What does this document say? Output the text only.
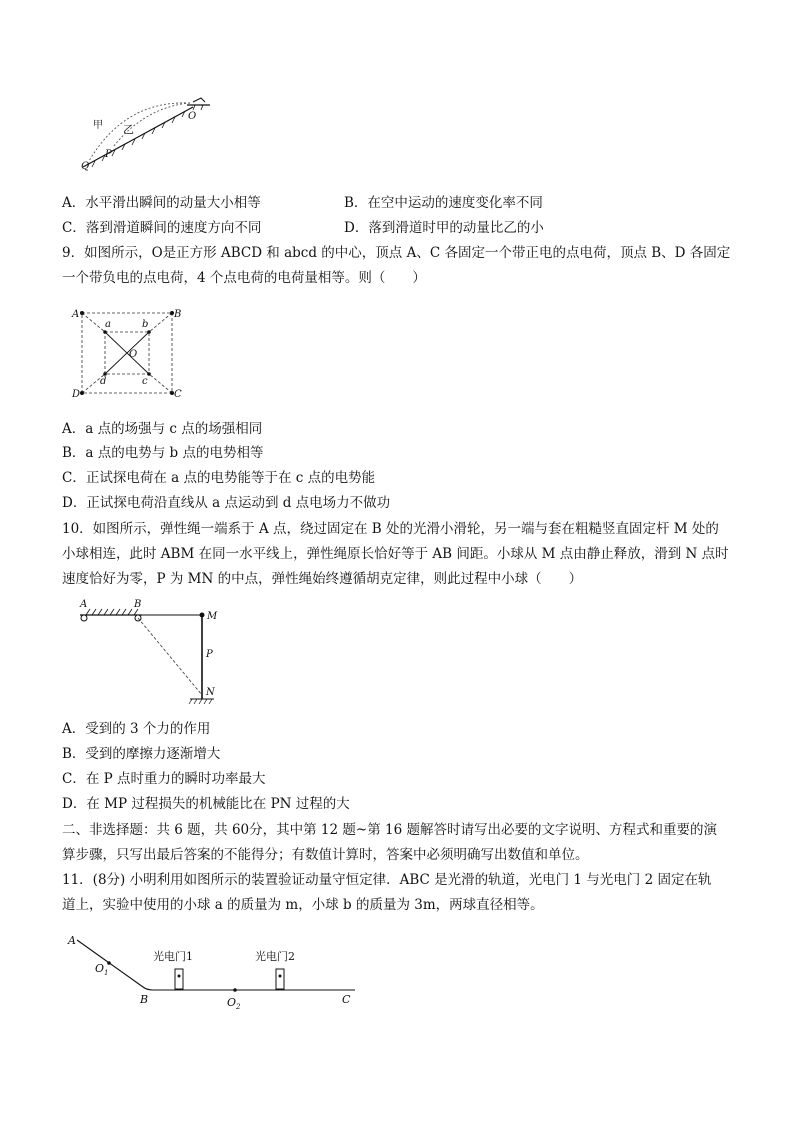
甲 乙
O
P
Q
A．水平滑出瞬间的动量大小相等	B．在空中运动的速度变化率不同
C．落到滑道瞬间的速度方向不同	D．落到滑道时甲的动量比乙的小
9．如图所示，O是正方形 ABCD 和 abcd 的中心，顶点 A、C 各固定一个带正电的点电荷，顶点 B、D 各固定
一个带负电的点电荷，4 个点电荷的电荷量相等。则（　　）
A	B
C
D
a	b
c
d
O
A．a 点的场强与 c 点的场强相同
B．a 点的电势与 b 点的电势相等
C．正试探电荷在 a 点的电势能等于在 c 点的电势能
D．正试探电荷沿直线从 a 点运动到 d 点电场力不做功
10．如图所示，弹性绳一端系于 A 点，绕过固定在 B 处的光滑小滑轮，另一端与套在粗糙竖直固定杆 M 处的
小球相连，此时 ABM 在同一水平线上，弹性绳原长恰好等于 AB 间距。小球从 M 点由静止释放，滑到 N 点时
速度恰好为零，P 为 MN 的中点，弹性绳始终遵循胡克定律，则此过程中小球（　　）
A	B
M
P
N
A．受到的 3 个力的作用
B．受到的摩擦力逐渐增大
C．在 P 点时重力的瞬时功率最大
D．在 MP 过程损失的机械能比在 PN 过程的大
二、非选择题：共 6 题，共 60分，其中第 12 题~第 16 题解答时请写出必要的文字说明、方程式和重要的演
算步骤，只写出最后答案的不能得分；有数值计算时，答案中必须明确写出数值和单位。
11．(8分) 小明利用如图所示的装置验证动量守恒定律．ABC 是光滑的轨道，光电门 1 与光电门 2 固定在轨
道上，实验中使用的小球 a 的质量为 m，小球 b 的质量为 3m，两球直径相等。
A
$O_1$
B
光电门1	光电门2
$O_2$
C
